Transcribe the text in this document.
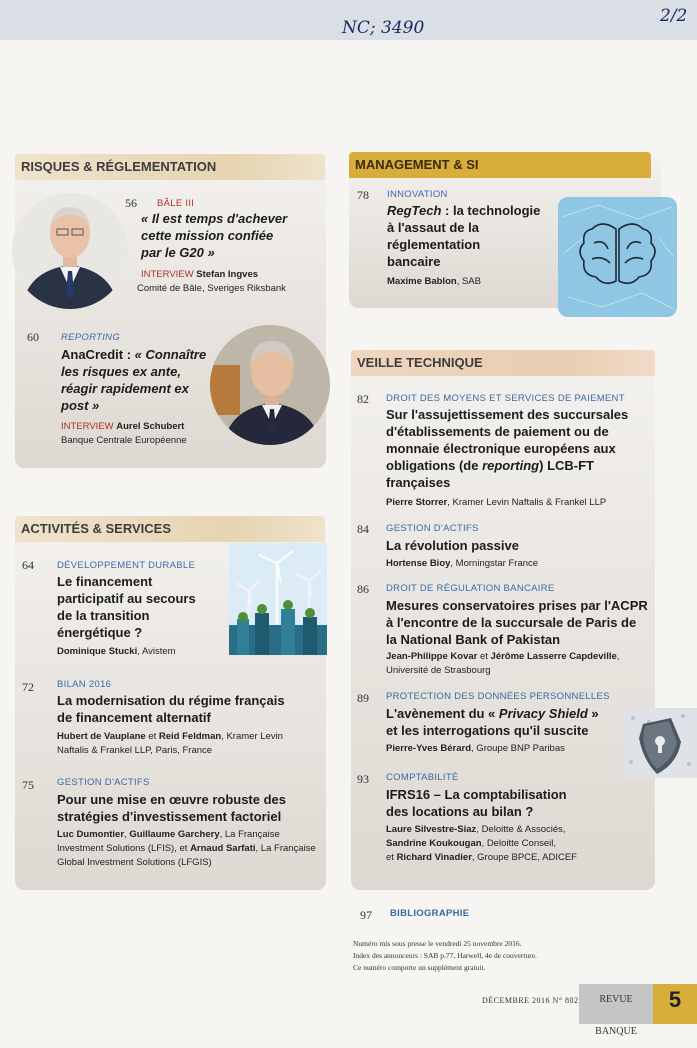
NC; 3490
2/2
RISQUES & RÉGLEMENTATION
56 BÂLE III
« Il est temps d'achever cette mission confiée par le G20 »
INTERVIEW Stefan Ingves
Comité de Bâle, Sveriges Riksbank
60 REPORTING
AnaCredit : « Connaître les risques ex ante, réagir rapidement ex post »
INTERVIEW Aurel Schubert
Banque Centrale Européenne
ACTIVITÉS & SERVICES
64 DÉVELOPPEMENT DURABLE
Le financement participatif au secours de la transition énergétique ?
Dominique Stucki, Avistem
72 BILAN 2016
La modernisation du régime français de financement alternatif
Hubert de Vauplane et Reid Feldman, Kramer Levin
Naftalis & Frankel LLP, Paris, France
75 GESTION D'ACTIFS
Pour une mise en œuvre robuste des stratégies d'investissement factoriel
Luc Dumontier, Guillaume Garchery, La Française
Investment Solutions (LFIS), et Arnaud Sarfati, La Française
Global Investment Solutions (LFGIS)
MANAGEMENT & SI
78 INNOVATION
RegTech : la technologie
à l'assaut de la
réglementation
bancaire
Maxime Bablon, SAB
VEILLE TECHNIQUE
82 DROIT DES MOYENS ET SERVICES DE PAIEMENT
Sur l'assujettissement des succursales d'établissements de paiement ou de monnaie électronique européens aux obligations (de reporting) LCB-FT françaises
Pierre Storrer, Kramer Levin Naftalis & Frankel LLP
84 GESTION D'ACTIFS
La révolution passive
Hortense Bioy, Morningstar France
86 DROIT DE RÉGULATION BANCAIRE
Mesures conservatoires prises par l'ACPR à l'encontre de la succursale de Paris de la National Bank of Pakistan
Jean-Philippe Kovar et Jérôme Lasserre Capdeville,
Université de Strasbourg
89 PROTECTION DES DONNÉES PERSONNELLES
L'avènement du « Privacy Shield » et les interrogations qu'il suscite
Pierre-Yves Bérard, Groupe BNP Paribas
93 COMPTABILITÉ
IFRS16 – La comptabilisation des locations au bilan ?
Laure Silvestre-Siaz, Deloitte & Associés,
Sandrine Koukougan, Deloitte Conseil,
et Richard Vinadier, Groupe BPCE, ADICEF
97 BIBLIOGRAPHIE
Numéro mis sous presse le vendredi 25 novembre 2016.
Index des annonceurs : SAB p.77, Harwell, 4e de couverture.
Ce numéro comporte un supplément gratuit.
DÉCEMBRE 2016 N° 802	REVUE BANQUE
5
